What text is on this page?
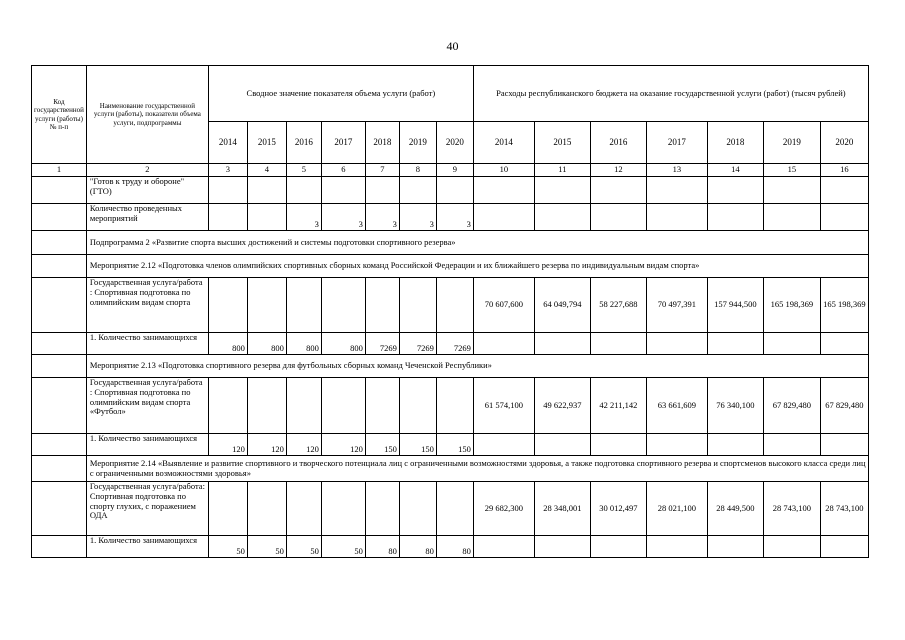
40
Код государственной услуги (работы) № п-п	Наименование государственной услуги (работы), показатели объема услуги, подпрограммы	Сводное значение показателя объема услуги (работ)							Расходы республиканского бюджета на оказание государственной услуги (работ) (тысяч рублей)						
		2014	2015	2016	2017	2018	2019	2020	2014	2015	2016	2017	2018	2019	2020
1	2	3	4	5	6	7	8	9	10	11	12	13	14	15	16
	"Готов к труду и обороне" (ГТО)														
	Количество проведенных мероприятий			3	3	3	3	3							
	Подпрограмма 2 «Развитие спорта высших достижений и системы подготовки спортивного резерва»														
	Мероприятие 2.12 «Подготовка членов олимпийских спортивных сборных команд Российской Федерации и их ближайшего резерва по индивидуальным видам спорта»														
	Государственная услуга/работа : Спортивная подготовка по олимпийским видам спорта								70 607,600	64 049,794	58 227,688	70 497,391	157 944,500	165 198,369	165 198,369
	1. Количество занимающихся	800	800	800	800	7269	7269	7269							
	Мероприятие 2.13 «Подготовка спортивного резерва для футбольных сборных команд Чеченской Республики»														
	Государственная услуга/работа : Спортивная подготовка по олимпийским видам спорта «Футбол»								61 574,100	49 622,937	42 211,142	63 661,609	76 340,100	67 829,480	67 829,480
	1. Количество занимающихся	120	120	120	120	150	150	150							
	Мероприятие 2.14 «Выявление и развитие спортивного и творческого потенциала лиц с ограниченными возможностями здоровья, а также подготовка спортивного резерва и спортсменов высокого класса среди лиц с ограниченными возможностями здоровья»														
	Государственная услуга/работа: Спортивная подготовка по спорту глухих, с поражением ОДА								29 682,300	28 348,001	30 012,497	28 021,100	28 449,500	28 743,100	28 743,100
	1. Количество занимающихся	50	50	50	50	80	80	80							
